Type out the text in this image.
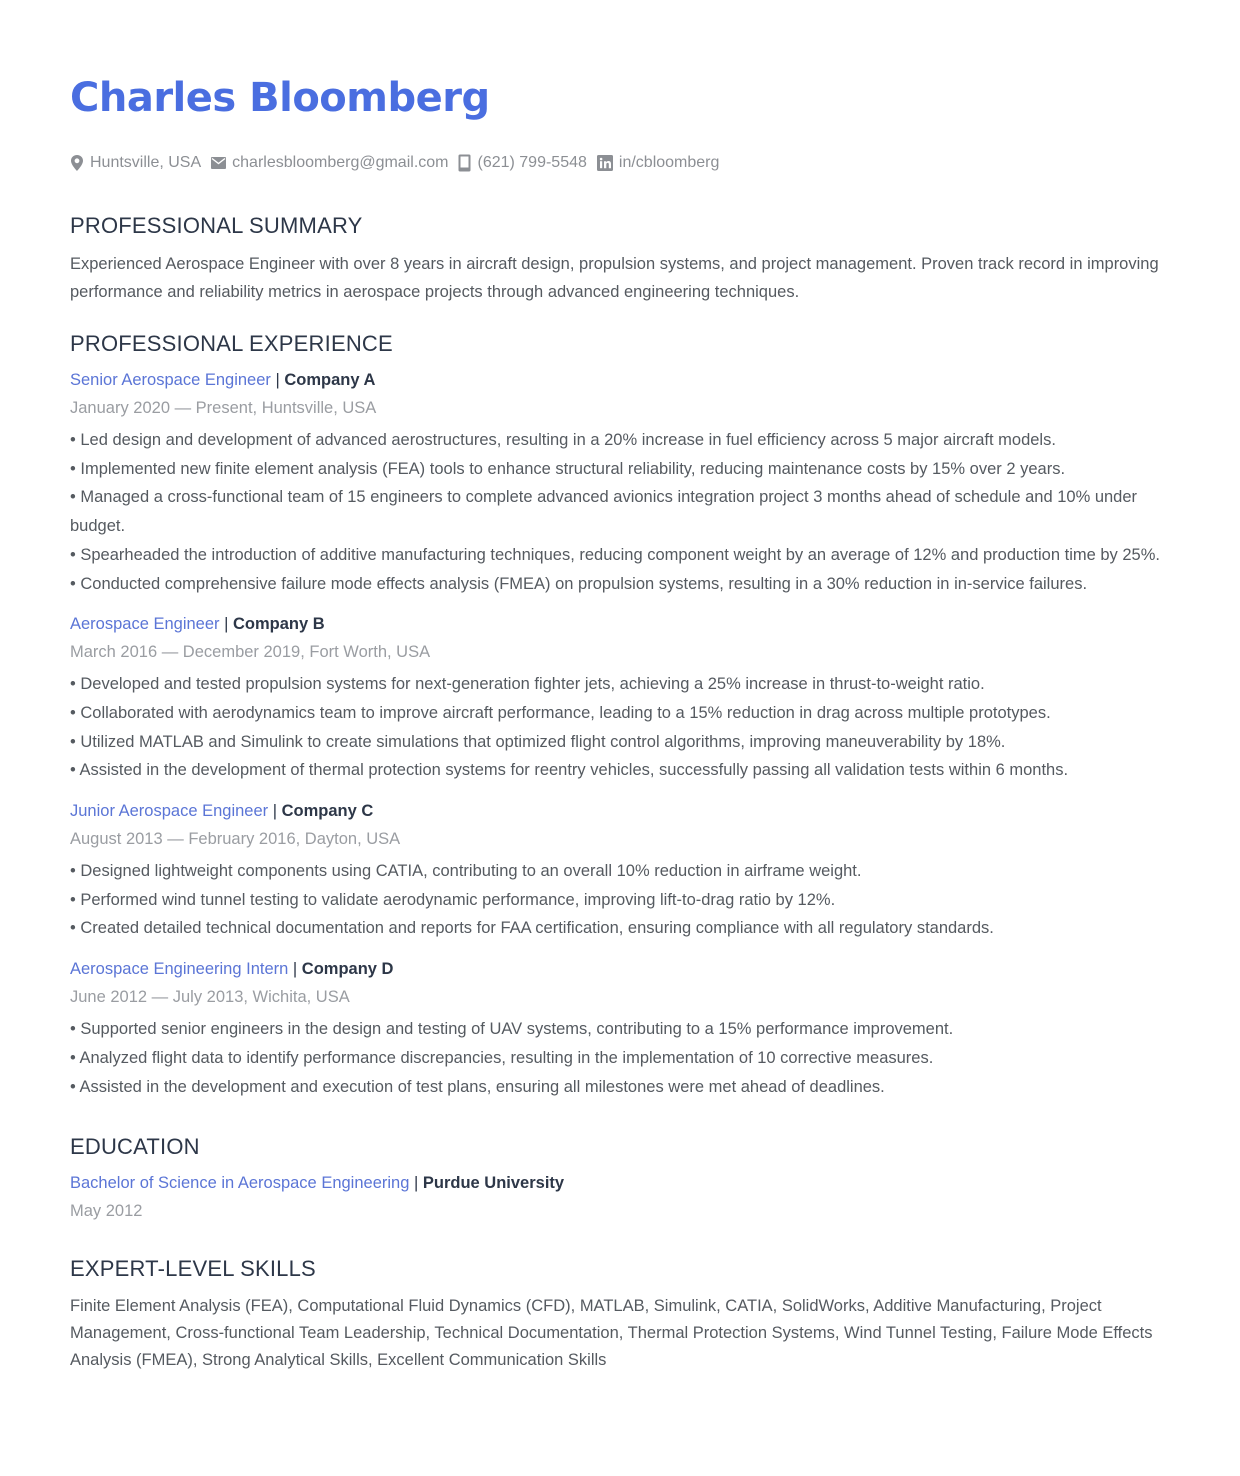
Charles Bloomberg
Huntsville, USA charlesbloomberg@gmail.com (621) 799-5548 in/cbloomberg
PROFESSIONAL SUMMARY
Experienced Aerospace Engineer with over 8 years in aircraft design, propulsion systems, and project management. Proven track record in improving performance and reliability metrics in aerospace projects through advanced engineering techniques.
PROFESSIONAL EXPERIENCE
Senior Aerospace Engineer | Company A
January 2020 — Present, Huntsville, USA
• Led design and development of advanced aerostructures, resulting in a 20% increase in fuel efficiency across 5 major aircraft models.
• Implemented new finite element analysis (FEA) tools to enhance structural reliability, reducing maintenance costs by 15% over 2 years.
• Managed a cross-functional team of 15 engineers to complete advanced avionics integration project 3 months ahead of schedule and 10% under budget.
• Spearheaded the introduction of additive manufacturing techniques, reducing component weight by an average of 12% and production time by 25%.
• Conducted comprehensive failure mode effects analysis (FMEA) on propulsion systems, resulting in a 30% reduction in in-service failures.
Aerospace Engineer | Company B
March 2016 — December 2019, Fort Worth, USA
• Developed and tested propulsion systems for next-generation fighter jets, achieving a 25% increase in thrust-to-weight ratio.
• Collaborated with aerodynamics team to improve aircraft performance, leading to a 15% reduction in drag across multiple prototypes.
• Utilized MATLAB and Simulink to create simulations that optimized flight control algorithms, improving maneuverability by 18%.
• Assisted in the development of thermal protection systems for reentry vehicles, successfully passing all validation tests within 6 months.
Junior Aerospace Engineer | Company C
August 2013 — February 2016, Dayton, USA
• Designed lightweight components using CATIA, contributing to an overall 10% reduction in airframe weight.
• Performed wind tunnel testing to validate aerodynamic performance, improving lift-to-drag ratio by 12%.
• Created detailed technical documentation and reports for FAA certification, ensuring compliance with all regulatory standards.
Aerospace Engineering Intern | Company D
June 2012 — July 2013, Wichita, USA
• Supported senior engineers in the design and testing of UAV systems, contributing to a 15% performance improvement.
• Analyzed flight data to identify performance discrepancies, resulting in the implementation of 10 corrective measures.
• Assisted in the development and execution of test plans, ensuring all milestones were met ahead of deadlines.
EDUCATION
Bachelor of Science in Aerospace Engineering | Purdue University
May 2012
EXPERT-LEVEL SKILLS
Finite Element Analysis (FEA), Computational Fluid Dynamics (CFD), MATLAB, Simulink, CATIA, SolidWorks, Additive Manufacturing, Project Management, Cross-functional Team Leadership, Technical Documentation, Thermal Protection Systems, Wind Tunnel Testing, Failure Mode Effects Analysis (FMEA), Strong Analytical Skills, Excellent Communication Skills
